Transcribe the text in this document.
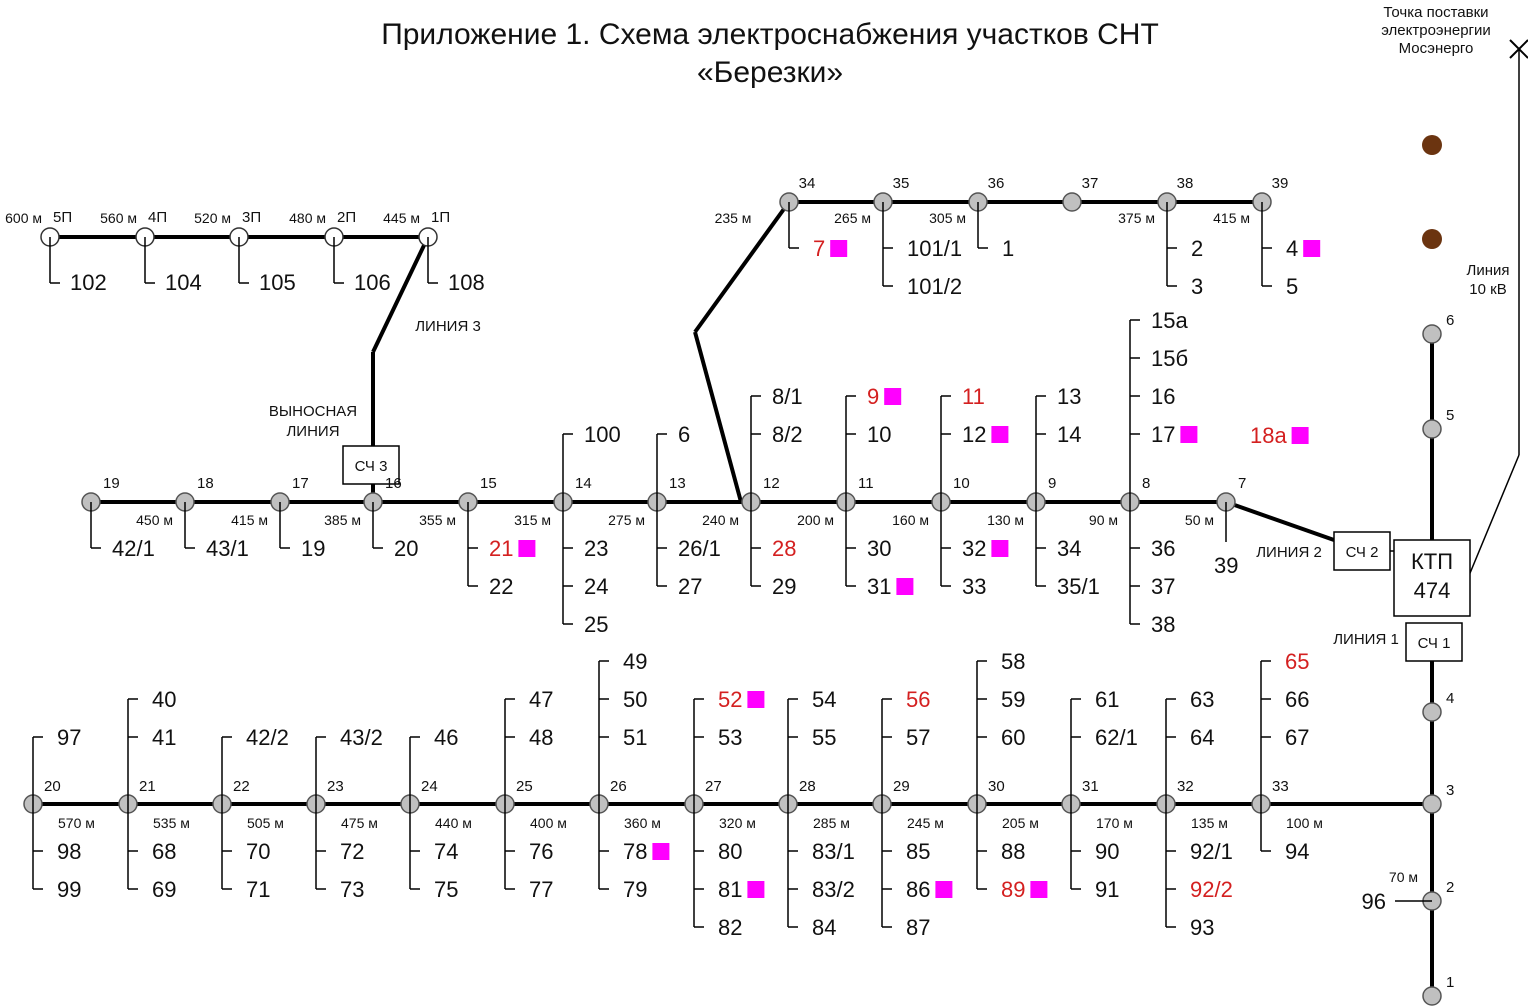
Приложение 1. Схема электроснабжения участков СНТ
«Березки»
Точка поставки
электроэнергии
Мосэнерго
Линия
10 кВ
КТП
474
СЧ 1
СЧ 2
СЧ 3
ЛИНИЯ 1
ЛИНИЯ 2
ЛИНИЯ 3
ВЫНОСНАЯ
ЛИНИЯ
235 м
19
42/1
18
450 м
43/1
17
415 м
19
16
385 м
20
15
355 м
21
22
14
315 м
23
24
25
100
13
275 м
26/1
27
6
12
240 м
28
29
8/1
8/2
11
200 м
30
31
9
10
10
160 м
32
33
11
12
9
130 м
34
35/1
13
14
8
90 м
36
37
38
15а
15б
16
17
7
50 м
39
18а
20
570 м
98
99
97
21
535 м
68
69
40
41
22
505 м
70
71
42/2
23
475 м
72
73
43/2
24
440 м
74
75
46
25
400 м
76
77
47
48
26
360 м
78
79
49
50
51
27
320 м
80
81
82
52
53
28
285 м
83/1
83/2
84
54
55
29
245 м
85
86
87
56
57
30
205 м
88
89
58
59
60
31
170 м
90
91
61
62/1
32
135 м
92/1
92/2
93
63
64
33
100 м
94
65
66
67
5П
600 м
102
4П
560 м
104
3П
520 м
105
2П
480 м
106
1П
445 м
108
34
7
35
265 м
101/1
101/2
36
305 м
1
37	38
375 м
2
3
39
415 м
4
5
6
5
4
3
2
1
70 м
96
